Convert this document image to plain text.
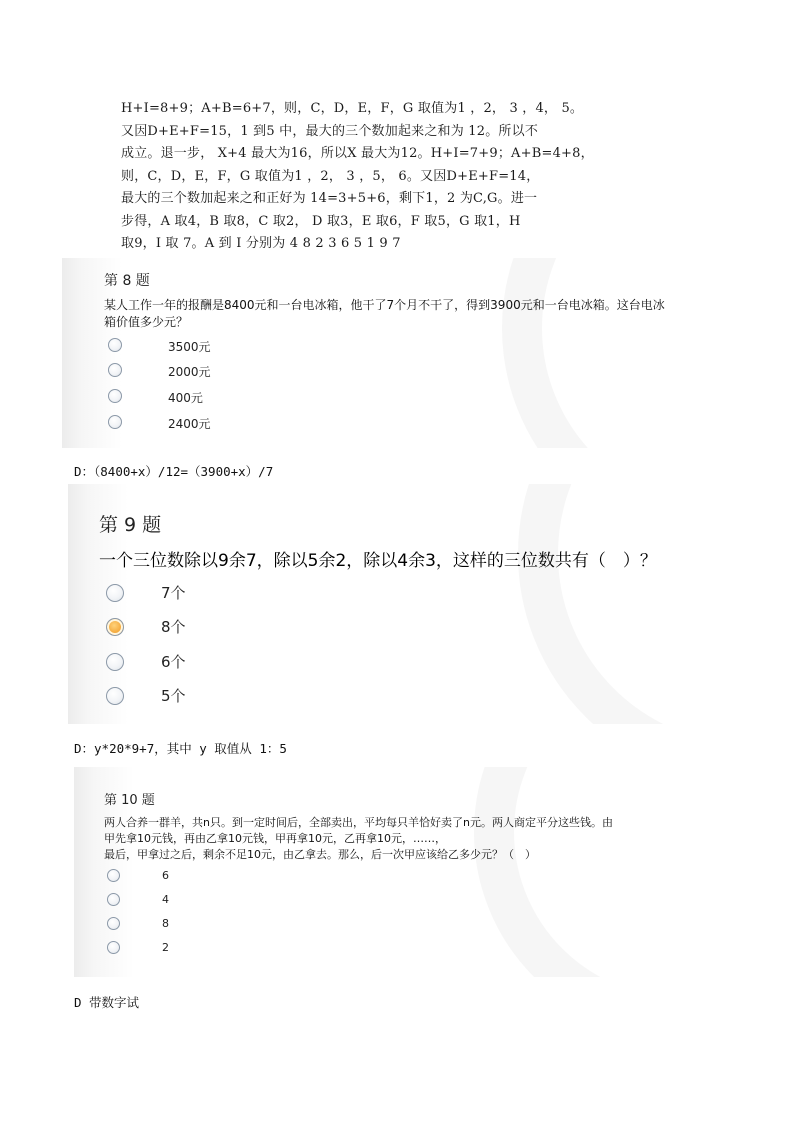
H+I=8+9；A+B=6+7，则，C，D，E，F，G 取值为1 ，2， 3 ，4， 5。
又因D+E+F=15，1 到5 中，最大的三个数加起来之和为 12。所以不
成立。退一步， X+4 最大为16，所以X 最大为12。H+I=7+9；A+B=4+8，
则，C，D，E，F，G 取值为1 ，2， 3 ，5， 6。又因D+E+F=14，
最大的三个数加起来之和正好为 14=3+5+6，剩下1，2 为C,G。进一
步得，A 取4，B 取8，C 取2， D 取3，E 取6，F 取5，G 取1，H
取9，I 取 7。A 到 I 分别为 4 8 2 3 6 5 1 9 7
第 8 题
某人工作一年的报酬是8400元和一台电冰箱，他干了7个月不干了，得到3900元和一台电冰箱。这台电冰
箱价值多少元？
3500元
2000元
400元
2400元
D：（8400+x）/12=（3900+x）/7
第 9 题
一个三位数除以9余7，除以5余2，除以4余3，这样的三位数共有（　）？
7个
8个
6个
5个
D：y*20*9+7，其中 y 取值从 1：5
第 10 题
两人合养一群羊，共n只。到一定时间后，全部卖出，平均每只羊恰好卖了n元。两人商定平分这些钱。由
甲先拿10元钱，再由乙拿10元钱，甲再拿10元，乙再拿10元，……，
最后，甲拿过之后，剩余不足10元，由乙拿去。那么，后一次甲应该给乙多少元？（　）
6
4
8
2
D 带数字试
